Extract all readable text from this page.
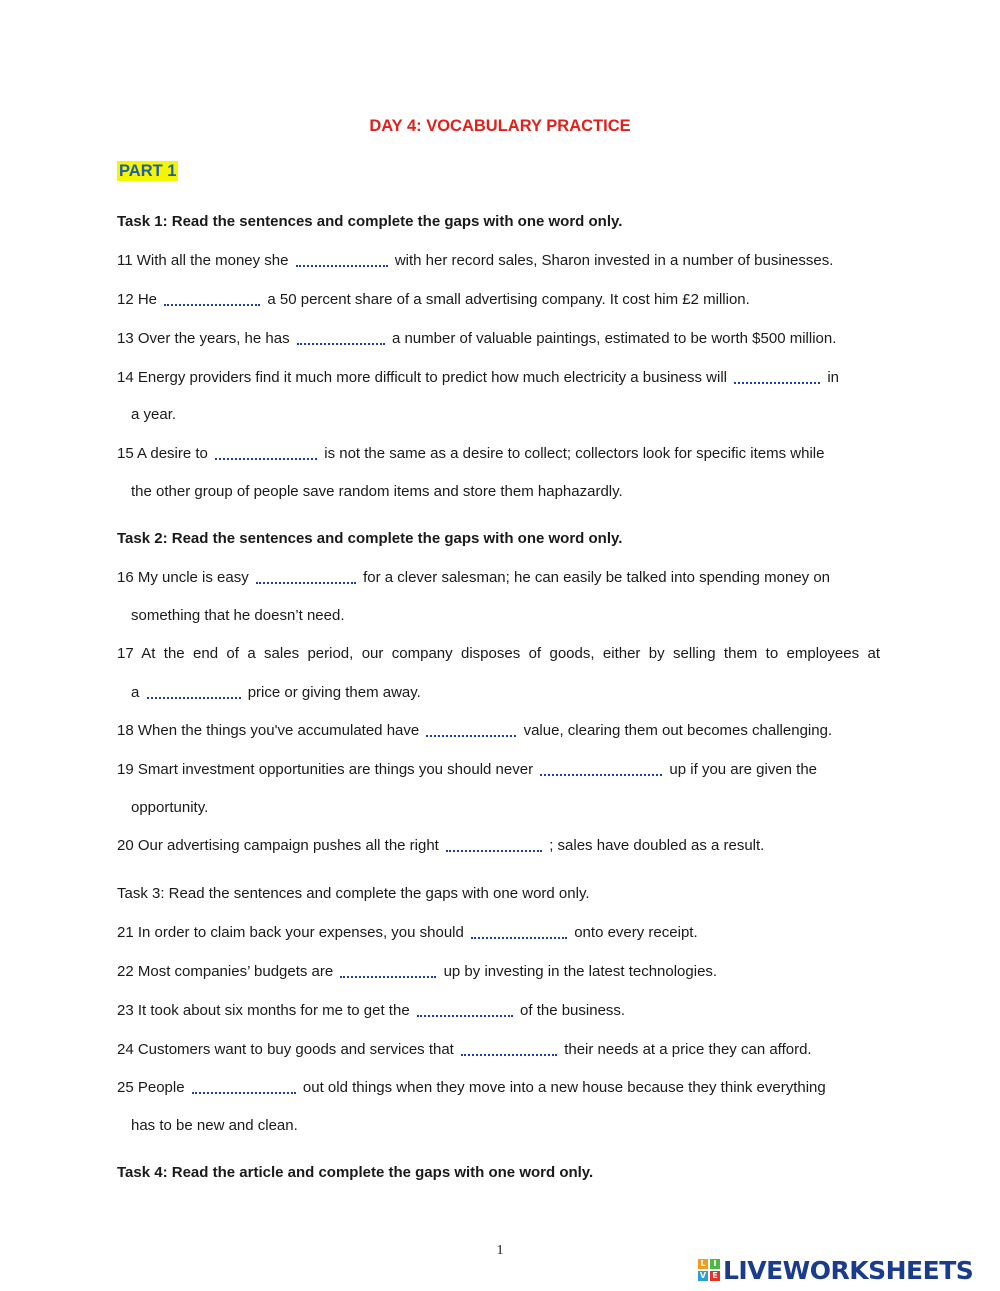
DAY 4: VOCABULARY PRACTICE
PART 1
Task 1: Read the sentences and complete the gaps with one word only.
11 With all the money she	with her record sales, Sharon invested in a number of businesses.
12 He	a 50 percent share of a small advertising company. It cost him £2 million.
13 Over the years, he has	a number of valuable paintings, estimated to be worth $500 million.
14 Energy providers find it much more difficult to predict how much electricity a business will	in
a year.
15 A desire to	is not the same as a desire to collect; collectors look for specific items while
the other group of people save random items and store them haphazardly.
Task 2: Read the sentences and complete the gaps with one word only.
16 My uncle is easy	for a clever salesman; he can easily be talked into spending money on
something that he doesn’t need.
17 At the end of a sales period, our company disposes of goods, either by selling them to employees at
a	price or giving them away.
18 When the things you've accumulated have	value, clearing them out becomes challenging.
19 Smart investment opportunities are things you should never	up if you are given the
opportunity.
20 Our advertising campaign pushes all the right	; sales have doubled as a result.
Task 3: Read the sentences and complete the gaps with one word only.
21 In order to claim back your expenses, you should	onto every receipt.
22 Most companies’ budgets are	up by investing in the latest technologies.
23 It took about six months for me to get the	of the business.
24 Customers want to buy goods and services that	their needs at a price they can afford.
25 People	out old things when they move into a new house because they think everything
has to be new and clean.
Task 4: Read the article and complete the gaps with one word only.
1
L I
V E LIVEWORKSHEETS
